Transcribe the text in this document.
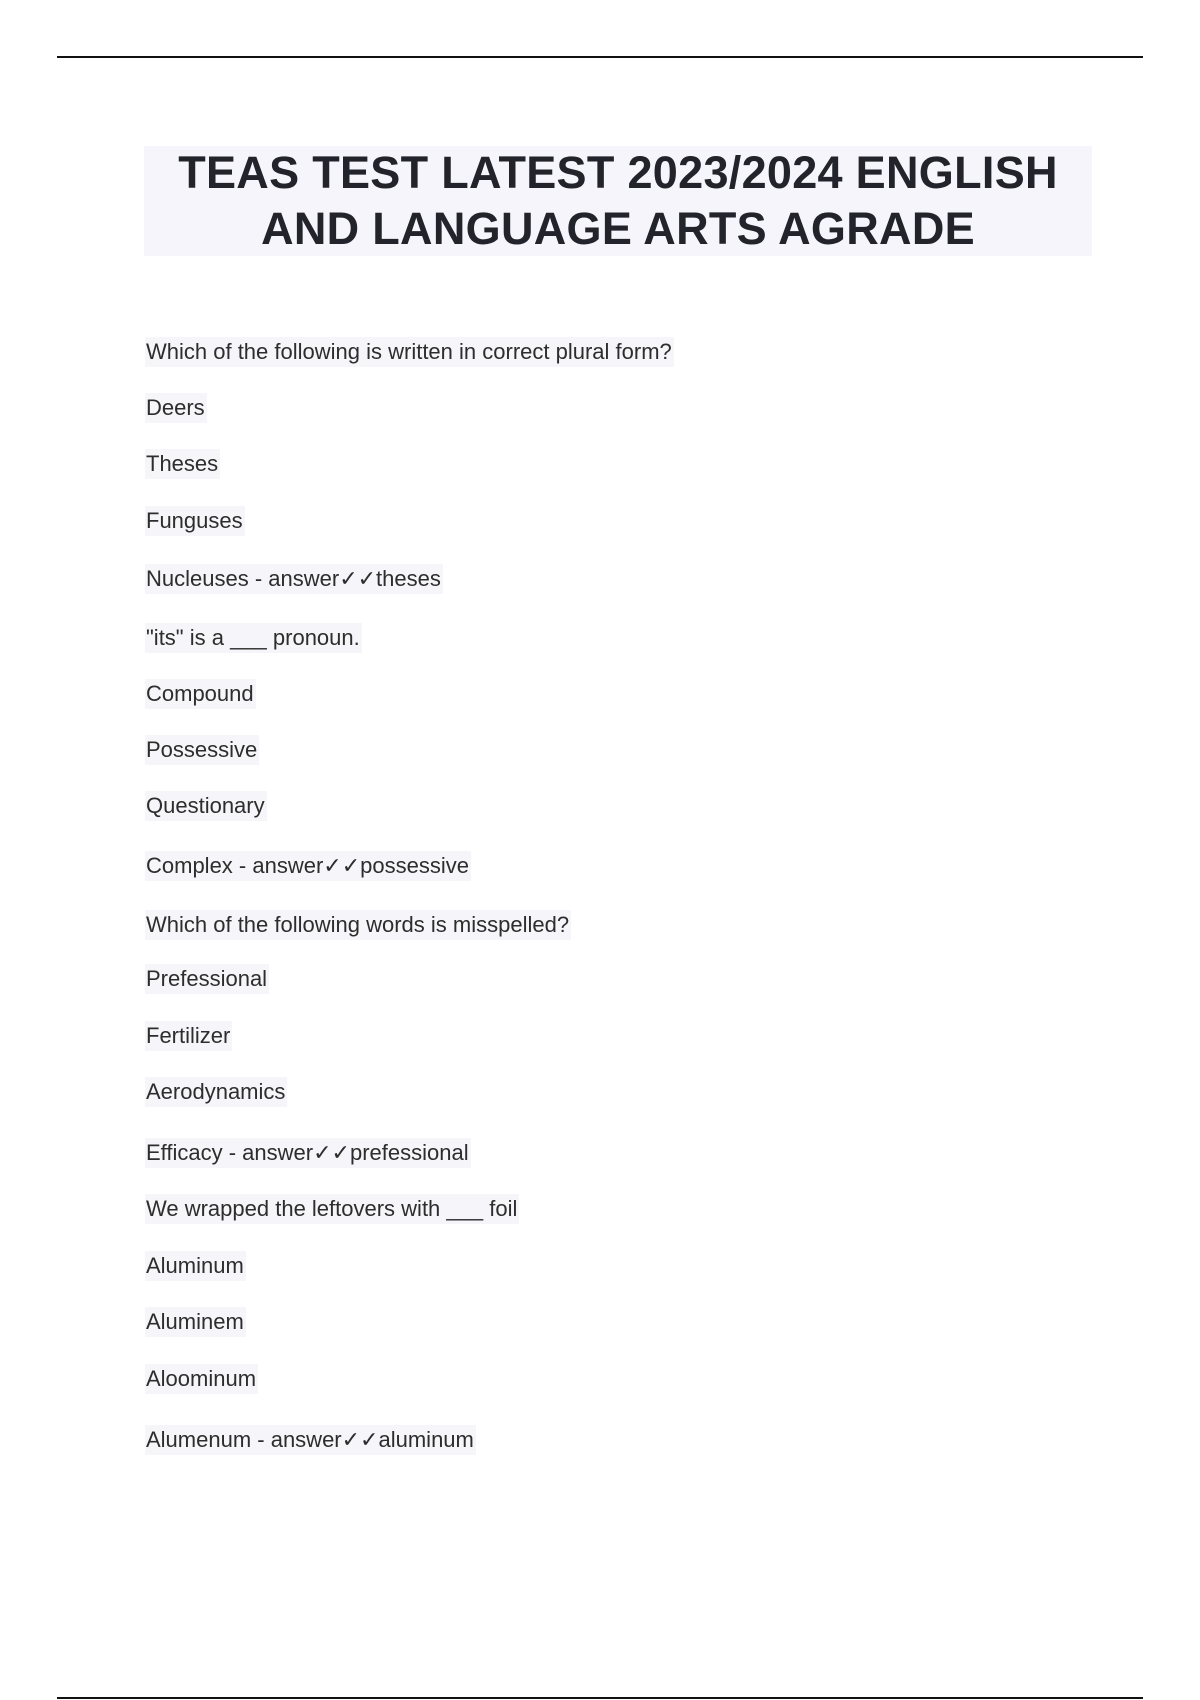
TEAS TEST LATEST 2023/2024 ENGLISH
AND LANGUAGE ARTS AGRADE
Which of the following is written in correct plural form?
Deers
Theses
Funguses
Nucleuses - answer✓✓theses
"its" is a ___ pronoun.
Compound
Possessive
Questionary
Complex - answer✓✓possessive
Which of the following words is misspelled?
Prefessional
Fertilizer
Aerodynamics
Efficacy - answer✓✓prefessional
We wrapped the leftovers with ___ foil
Aluminum
Aluminem
Aloominum
Alumenum - answer✓✓aluminum
